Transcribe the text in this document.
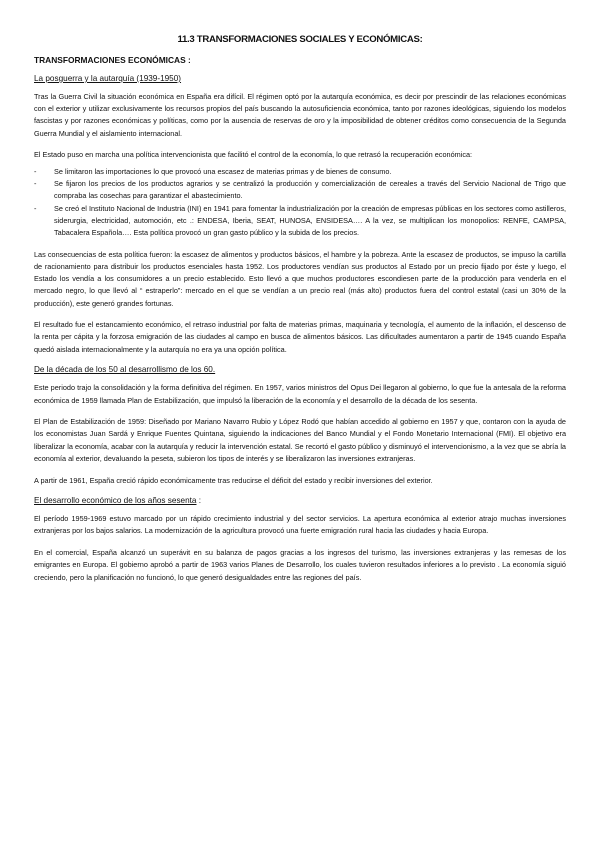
11.3 TRANSFORMACIONES SOCIALES Y ECONÓMICAS:
TRANSFORMACIONES ECONÓMICAS :
La posguerra y la autarquía (1939-1950)

Tras la Guerra Civil la situación económica en España era difícil. El régimen optó por la autarquía económica, es decir por prescindir de las relaciones económicas con el exterior y utilizar exclusivamente los recursos propios del país buscando la autosuficiencia económica, tanto por razones ideológicas, siguiendo los modelos fascistas y por razones económicas y políticas, como por la ausencia de reservas de oro y la imposibilidad de obtener créditos como consecuencia de la Segunda Guerra Mundial y el aislamiento internacional.

El Estado puso en marcha una política intervencionista que facilitó el control de la economía, lo que retrasó la recuperación económica:

- Se limitaron las importaciones lo que provocó una escasez de materias primas y de bienes de consumo.
- Se fijaron los precios de los productos agrarios y se centralizó la producción y comercialización de cereales a través del Servicio Nacional de Trigo que compraba las cosechas para garantizar el abastecimiento.
- Se creó el Instituto Nacional de Industria (INI) en 1941 para fomentar la industrialización por la creación de empresas públicas en los sectores como astilleros, siderurgia, electricidad, automoción, etc .: ENDESA, Iberia, SEAT, HUNOSA, ENSIDESA…. A la vez, se multiplican los monopolios: RENFE, CAMPSA, Tabacalera Española…. Esta política provocó un gran gasto público y la subida de los precios.

Las consecuencias de esta política fueron: la escasez de alimentos y productos básicos, el hambre y la pobreza. Ante la escasez de productos, se impuso la cartilla de racionamiento para distribuir los productos esenciales hasta 1952. Los productores vendían sus productos al Estado por un precio fijado por éste y luego, el Estado los vendía a los consumidores a un precio establecido. Esto llevó a que muchos productores escondiesen parte de la producción para venderla en el mercado negro, lo que llevó al “ estraperlo”: mercado en el que se vendían a un precio real (más alto) productos fuera del control estatal (casi un 30% de la producción), este generó grandes fortunas.

El resultado fue el estancamiento económico, el retraso industrial por falta de materias primas, maquinaria y tecnología, el aumento de la inflación, el descenso de la renta per cápita y la forzosa emigración de las ciudades al campo en busca de alimentos básicos. Las dificultades aumentaron a partir de 1945 cuando España quedó aislada internacionalmente y la autarquía no era ya una opción política.

De la década de los 50 al desarrollismo de los 60.

Este periodo trajo la consolidación y la forma definitiva del régimen. En 1957, varios ministros del Opus Dei llegaron al gobierno, lo que fue la antesala de la reforma económica de 1959 llamada Plan de Estabilización, que impulsó la liberación de la economía y el desarrollo de la década de los sesenta.

El Plan de Estabilización de 1959: Diseñado por Mariano Navarro Rubio y López Rodó que habían accedido al gobierno en 1957 y que, contaron con la ayuda de los economistas Juan Sardá y Enrique Fuentes Quintana, siguiendo la indicaciones del Banco Mundial y el Fondo Monetario Internacional (FMI). El objetivo era liberalizar la economía, acabar con la autarquía y reducir la intervención estatal. Se recortó el gasto público y disminuyó el intervencionismo, a la vez que se abría la economía al exterior, devaluando la peseta, subieron los tipos de interés y se liberalizaron las inversiones extranjeras.

A partir de 1961, España creció rápido económicamente tras reducirse el déficit del estado y recibir inversiones del exterior.

El desarrollo económico de los años sesenta :

El período 1959-1969 estuvo marcado por un rápido crecimiento industrial y del sector servicios. La apertura económica al exterior atrajo muchas inversiones extranjeras por los bajos salarios. La modernización de la agricultura provocó una fuerte emigración rural hacia las ciudades y hacia Europa.

En el comercial, España alcanzó un superávit en su balanza de pagos gracias a los ingresos del turismo, las inversiones extranjeras y las remesas de los emigrantes en Europa. El gobierno aprobó a partir de 1963 varios Planes de Desarrollo, los cuales tuvieron resultados inferiores a lo previsto . La economía siguió creciendo, pero la planificación no funcionó, lo que generó desigualdades entre las regiones del país.
